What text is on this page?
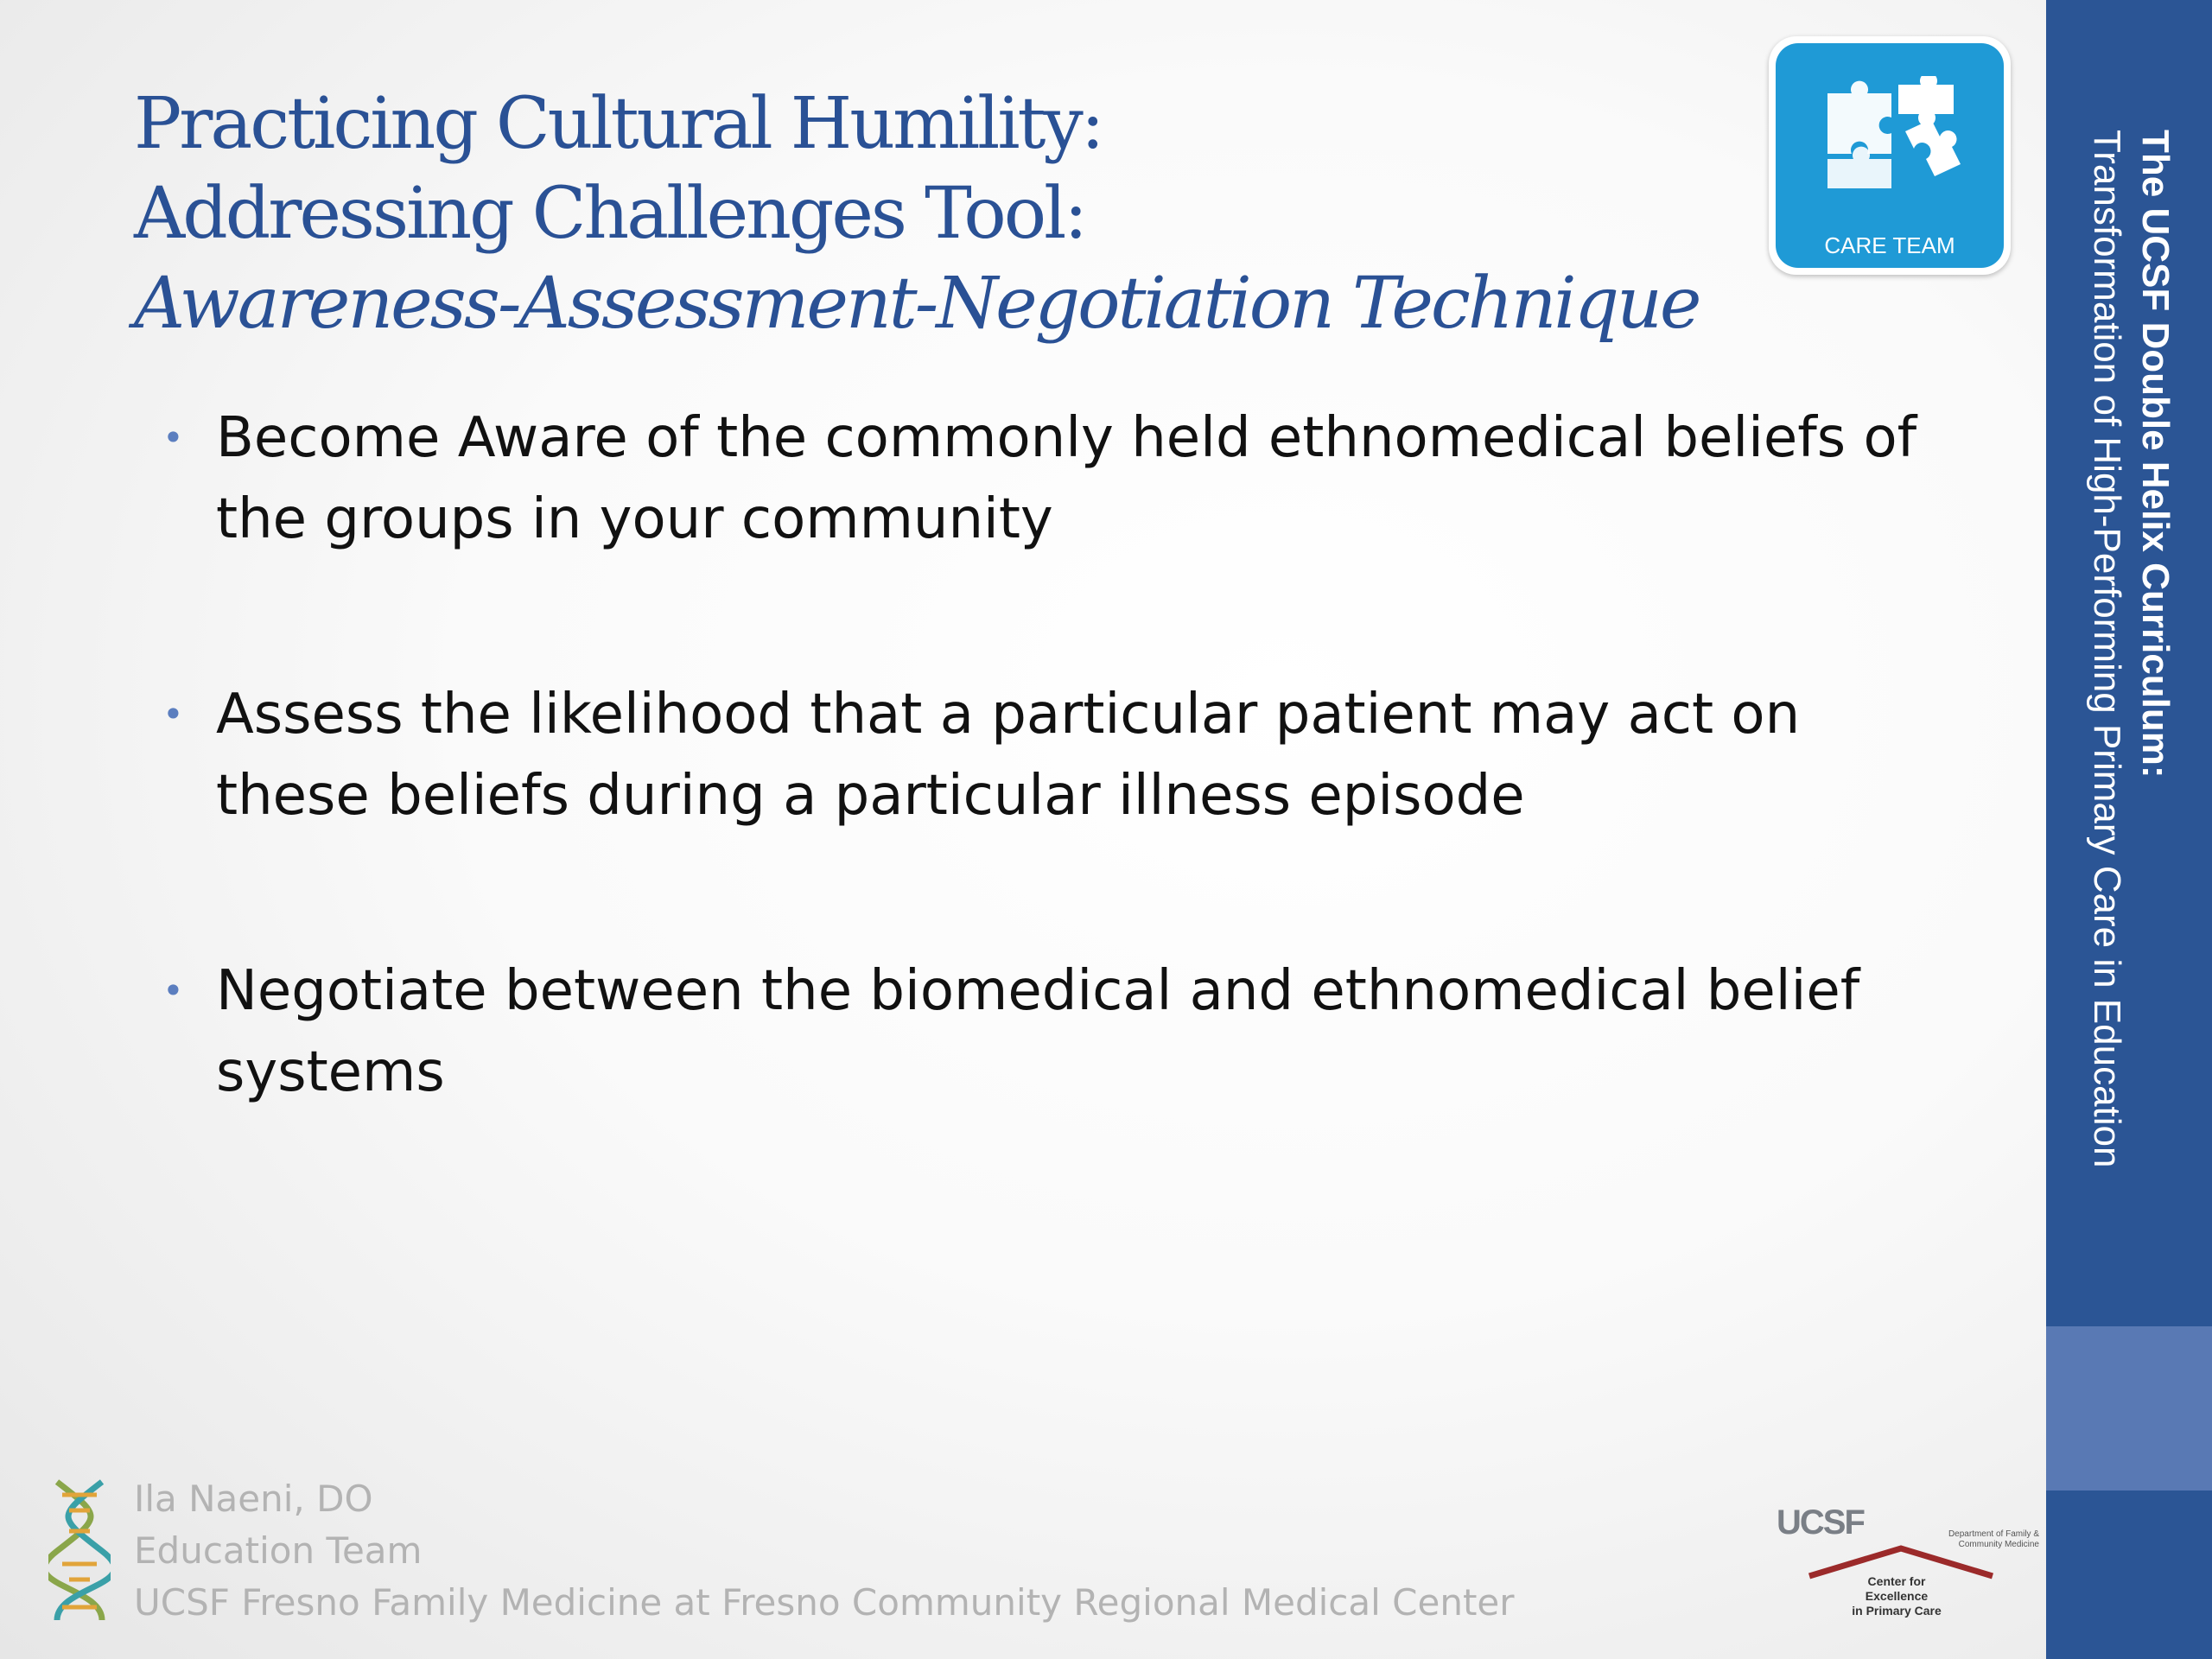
Practicing Cultural Humility:
Addressing Challenges Tool:
Awareness-Assessment-Negotiation Technique
CARE TEAM
• Become Aware of the commonly held ethnomedical beliefs of the groups in your community
• Assess the likelihood that a particular patient may act on these beliefs during a particular illness episode
• Negotiate between the biomedical and ethnomedical belief systems
The UCSF Double Helix Curriculum:
Transformation of High-Performing Primary Care in Education
Ila Naeni, DO
Education Team
UCSF Fresno Family Medicine at Fresno Community Regional Medical Center
UCSF	Department of Family & Community Medicine
Center for
Excellence
in Primary Care
